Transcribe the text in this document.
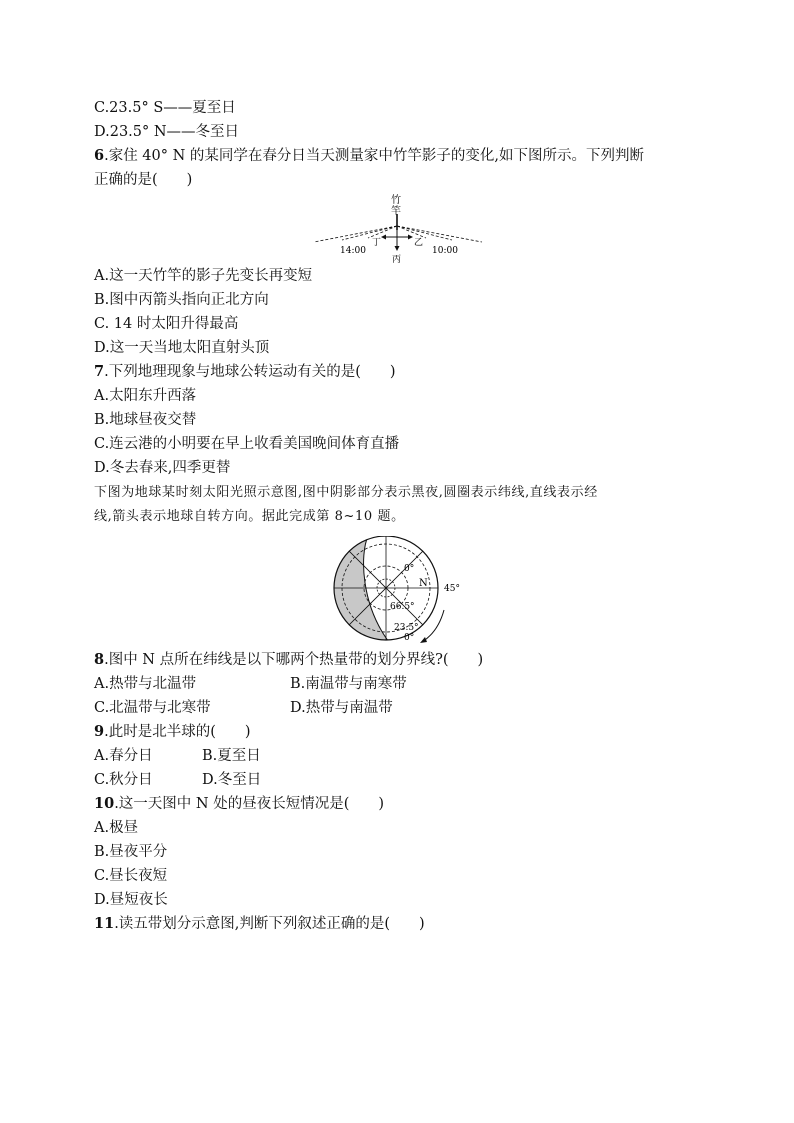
C.23.5° S——夏至日
D.23.5° N——冬至日
6.家住 40° N 的某同学在春分日当天测量家中竹竿影子的变化,如下图所示。下列判断
正确的是(　　)
竹
竿
14:00	10:00
丁	乙
丙
A.这一天竹竿的影子先变长再变短
B.图中丙箭头指向正北方向
C. 14 时太阳升得最高
D.这一天当地太阳直射头顶
7.下列地理现象与地球公转运动有关的是(　　)
A.太阳东升西落
B.地球昼夜交替
C.连云港的小明要在早上收看美国晚间体育直播
D.冬去春来,四季更替
下图为地球某时刻太阳光照示意图,图中阴影部分表示黑夜,圆圈表示纬线,直线表示经
线,箭头表示地球自转方向。据此完成第 8~10 题。
0°
N 45°
66.5°
23.5°
0°
8.图中 N 点所在纬线是以下哪两个热量带的划分界线?(　　)
A.热带与北温带	B.南温带与南寒带
C.北温带与北寒带	D.热带与南温带
9.此时是北半球的(　　)
A.春分日	B.夏至日
C.秋分日	D.冬至日
10.这一天图中 N 处的昼夜长短情况是(　　)
A.极昼
B.昼夜平分
C.昼长夜短
D.昼短夜长
11.读五带划分示意图,判断下列叙述正确的是(　　)
